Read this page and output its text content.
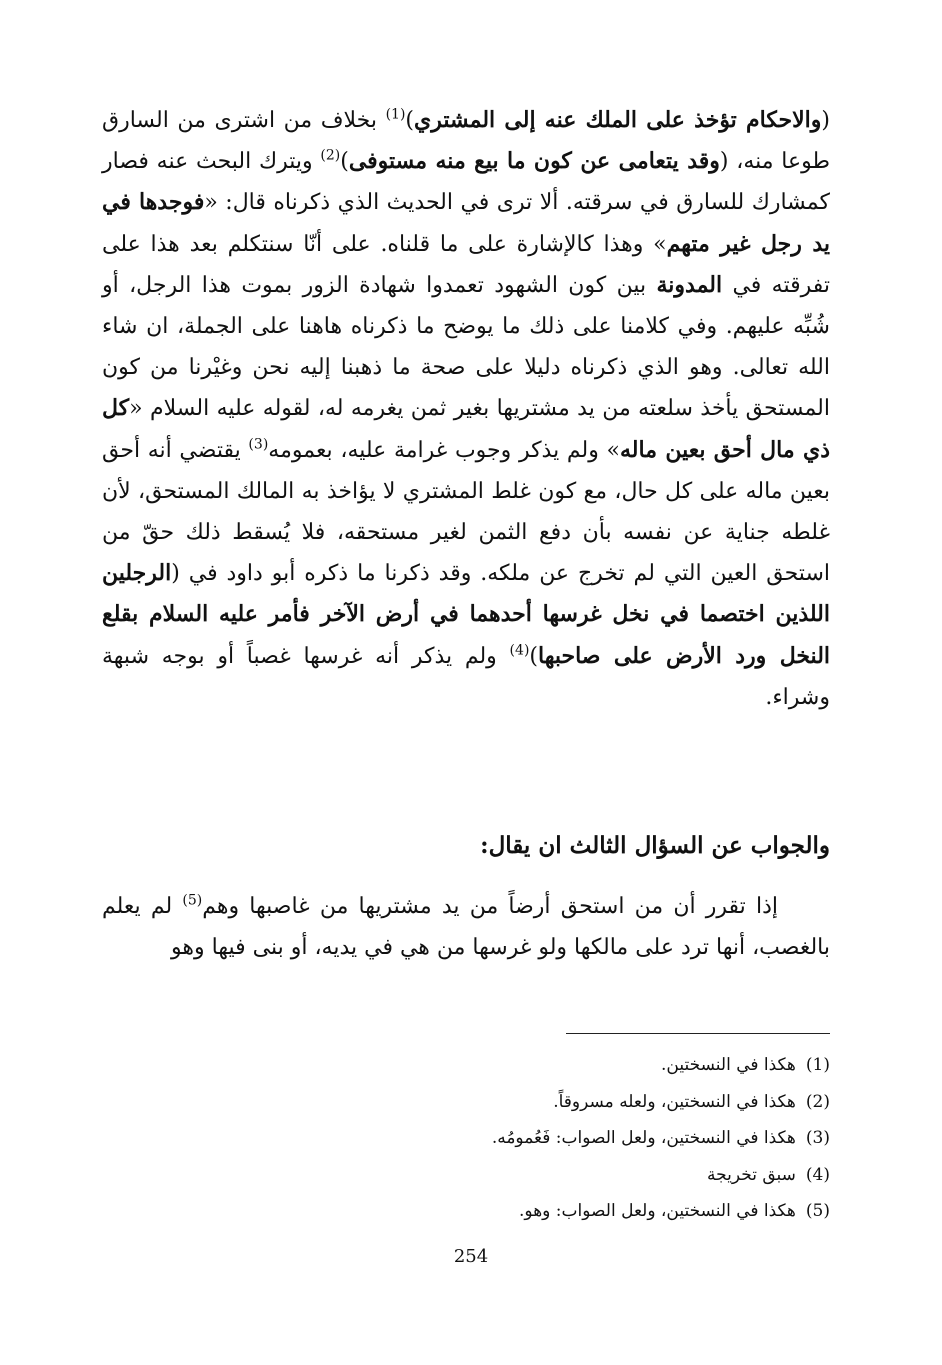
(والاحكام تؤخذ على الملك عنه إلى المشتري)$^{(1)}$ بخلاف من اشترى من السارق طوعا منه، (وقد يتعامى عن كون ما بيع منه مستوفى)$^{(2)}$ ويترك البحث عنه فصار كمشارك للسارق في سرقته. ألا ترى في الحديث الذي ذكرناه قال: «فوجدها في يد رجل غير متهم» وهذا كالإشارة على ما قلناه. على أنّا سنتكلم بعد هذا على تفرقته في المدونة بين كون الشهود تعمدوا شهادة الزور بموت هذا الرجل، أو شُبِّه عليهم. وفي كلامنا على ذلك ما يوضح ما ذكرناه هاهنا على الجملة، ان شاء الله تعالى. وهو الذي ذكرناه دليلا على صحة ما ذهبنا إليه نحن وغيْرنا من كون المستحق يأخذ سلعته من يد مشتريها بغير ثمن يغرمه له، لقوله عليه السلام «كل ذي مال أحق بعين ماله» ولم يذكر وجوب غرامة عليه، بعمومه$^{(3)}$ يقتضي أنه أحق بعين ماله على كل حال، مع كون غلط المشتري لا يؤاخذ به المالك المستحق، لأن غلطه جناية عن نفسه بأن دفع الثمن لغير مستحقه، فلا يُسقط ذلك حقّ من استحق العين التي لم تخرج عن ملكه. وقد ذكرنا ما ذكره أبو داود في (الرجلين اللذين اختصما في نخل غرسها أحدهما في أرض الآخر فأمر عليه السلام بقلع النخل ورد الأرض على صاحبها)$^{(4)}$ ولم يذكر أنه غرسها غصباً أو بوجه شبهة وشراء.
والجواب عن السؤال الثالث ان يقال:
إذا تقرر أن من استحق أرضاً من يد مشتريها من غاصبها وهم$^{(5)}$ لم يعلم بالغصب، أنها ترد على مالكها ولو غرسها من هي في يديه، أو بنى فيها وهو
(1)هكذا في النسختين.
(2)هكذا في النسختين، ولعله مسروقاً.
(3)هكذا في النسختين، ولعل الصواب: فَعُمومُه.
(4)سبق تخريجة
(5)هكذا في النسختين، ولعل الصواب: وهو.
254
